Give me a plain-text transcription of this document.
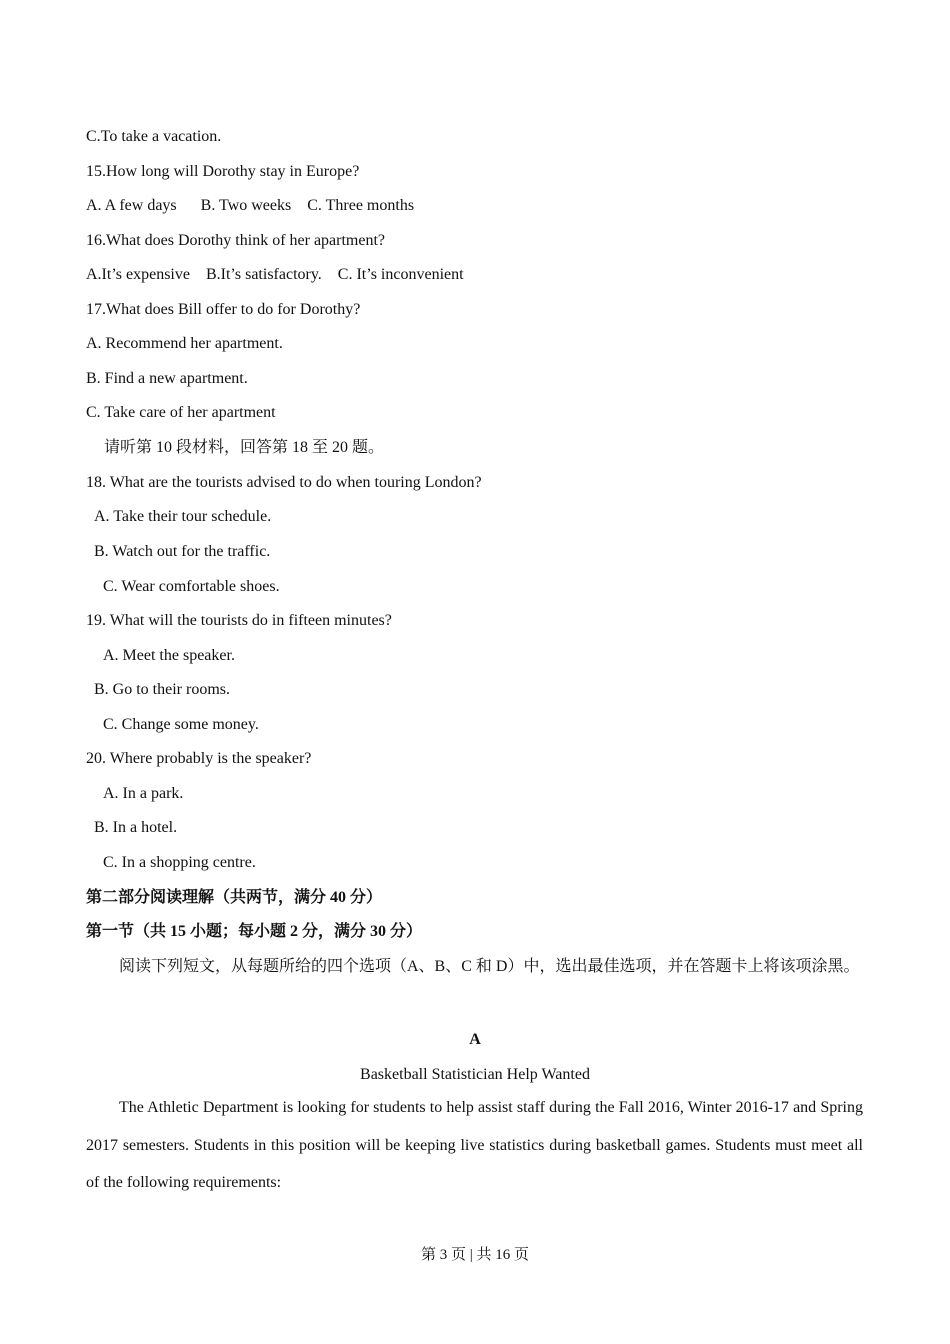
C.To take a vacation.
15.How long will Dorothy stay in Europe?
A. A few days      B. Two weeks    C. Three months
16.What does Dorothy think of her apartment?
A.It’s expensive    B.It’s satisfactory.    C. It’s inconvenient
17.What does Bill offer to do for Dorothy?
A. Recommend her apartment.
B. Find a new apartment.
C. Take care of her apartment
请听第 10 段材料，回答第 18 至 20 题。
18. What are the tourists advised to do when touring London?
A. Take their tour schedule.
B. Watch out for the traffic.
C. Wear comfortable shoes.
19. What will the tourists do in fifteen minutes?
A. Meet the speaker.
B. Go to their rooms.
C. Change some money.
20. Where probably is the speaker?
A. In a park.
B. In a hotel.
C. In a shopping centre.
第二部分阅读理解（共两节，满分 40 分）
第一节（共 15 小题；每小题 2 分，满分 30 分）
阅读下列短文，从每题所给的四个选项（A、B、C 和 D）中，选出最佳选项，并在答题卡上将该项涂黑。
A
Basketball Statistician Help Wanted
The Athletic Department is looking for students to help assist staff during the Fall 2016, Winter 2016-17 and Spring 2017 semesters. Students in this position will be keeping live statistics during basketball games. Students must meet all of the following requirements:
第 3 页 | 共 16 页
